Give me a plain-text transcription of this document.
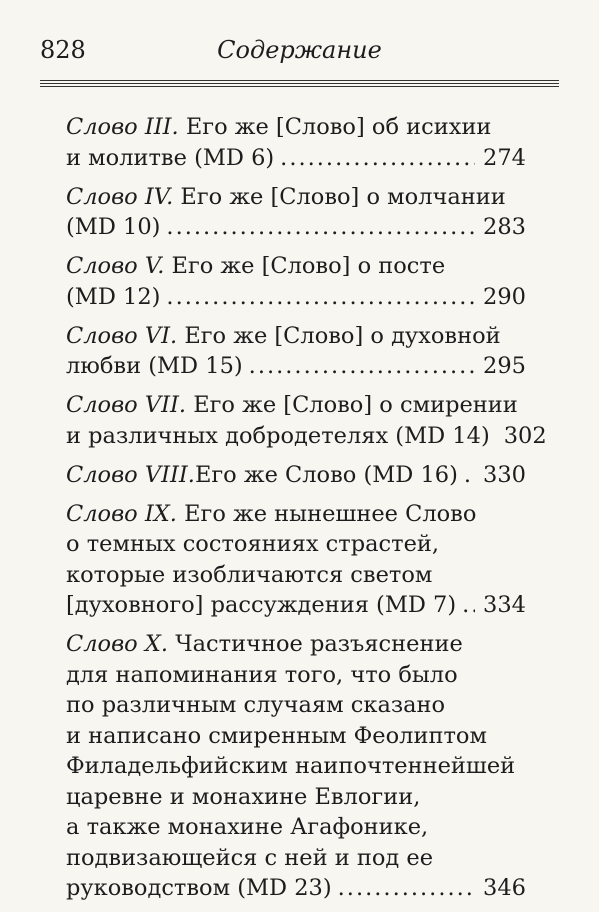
828	Содержание
Слово III. Его же [Слово] об исихии
и молитве (MD 6) .....	274
Слово IV. Его же [Слово] о молчании
(MD 10) .....	283
Слово V. Его же [Слово] о посте
(MD 12) .....	290
Слово VI. Его же [Слово] о духовной
любви (MD 15) .....	295
Слово VII. Его же [Слово] о смирении
и различных добродетелях (MD 14) 302
Слово VIII. Его же Слово (MD 16) ..... 330
Слово IX. Его же нынешнее Слово
о темных состояниях страстей,
которые изобличаются светом
[духовного] рассуждения (MD 7) ..... 334
Слово X. Частичное разъяснение
для напоминания того, что было
по различным случаям сказано
и написано смиренным Феолиптом
Филадельфийским наипочтеннейшей
царевне и монахине Евлогии,
а также монахине Агафонике,
подвизающейся с ней и под ее
руководством (MD 23) .....	346
